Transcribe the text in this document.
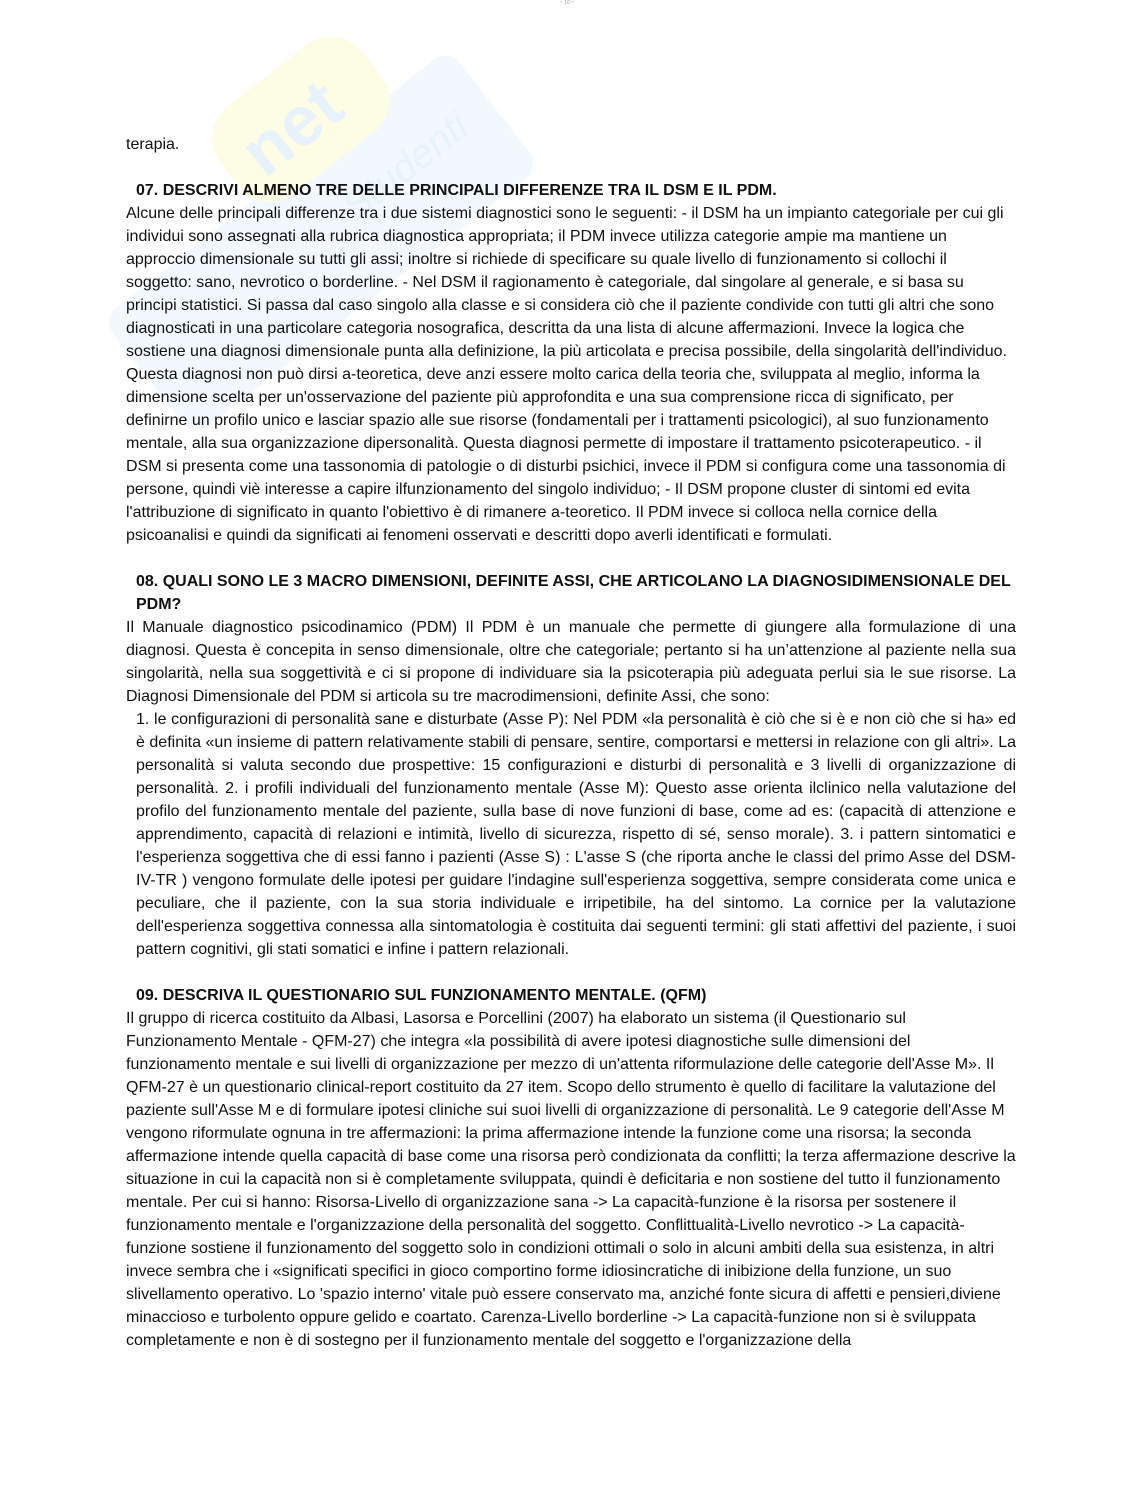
net
Studenti
~ 10 ~

terapia.

07. DESCRIVI ALMENO TRE DELLE PRINCIPALI DIFFERENZE TRA IL DSM E IL PDM.

Alcune delle principali differenze tra i due sistemi diagnostici sono le seguenti: - il DSM ha un impianto categoriale per cui gli individui sono assegnati alla rubrica diagnostica appropriata; il PDM invece utilizza categorie ampie ma mantiene un approccio dimensionale su tutti gli assi; inoltre si richiede di specificare su quale livello di funzionamento si collochi il soggetto: sano, nevrotico o borderline. - Nel DSM il ragionamento è categoriale, dal singolare al generale, e si basa su principi statistici. Si passa dal caso singolo alla classe e si considera ciò che il paziente condivide con tutti gli altri che sono diagnosticati in una particolare categoria nosografica, descritta da una lista di alcune affermazioni. Invece la logica che sostiene una diagnosi dimensionale punta alla definizione, la più articolata e precisa possibile, della singolarità dell'individuo. Questa diagnosi non può dirsi a-teoretica, deve anzi essere molto carica della teoria che, sviluppata al meglio, informa la dimensione scelta per un'osservazione del paziente più approfondita e una sua comprensione ricca di significato, per definirne un profilo unico e lasciar spazio alle sue risorse (fondamentali per i trattamenti psicologici), al suo funzionamento mentale, alla sua organizzazione dipersonalità. Questa diagnosi permette di impostare il trattamento psicoterapeutico. - il DSM si presenta come una tassonomia di patologie o di disturbi psichici, invece il PDM si configura come una tassonomia di persone, quindi viè interesse a capire ilfunzionamento del singolo individuo; - Il DSM propone cluster di sintomi ed evita l'attribuzione di significato in quanto l'obiettivo è di rimanere a-teoretico. Il PDM invece si colloca nella cornice della psicoanalisi e quindi da significati ai fenomeni osservati e descritti dopo averli identificati e formulati.

08. QUALI SONO LE 3 MACRO DIMENSIONI, DEFINITE ASSI, CHE ARTICOLANO LA DIAGNOSIDIMENSIONALE DEL PDM?

Il Manuale diagnostico psicodinamico (PDM) Il PDM è un manuale che permette di giungere alla formulazione di una diagnosi. Questa è concepita in senso dimensionale, oltre che categoriale; pertanto si ha un’attenzione al paziente nella sua singolarità, nella sua soggettività e ci si propone di individuare sia la psicoterapia più adeguata perlui sia le sue risorse. La Diagnosi Dimensionale del PDM si articola su tre macrodimensioni, definite Assi, che sono:

1. le configurazioni di personalità sane e disturbate (Asse P): Nel PDM «la personalità è ciò che si è e non ciò che si ha» ed è definita «un insieme di pattern relativamente stabili di pensare, sentire, comportarsi e mettersi in relazione con gli altri». La personalità si valuta secondo due prospettive: 15 configurazioni e disturbi di personalità e 3 livelli di organizzazione di personalità. 2. i profili individuali del funzionamento mentale (Asse M): Questo asse orienta ilclinico nella valutazione del profilo del funzionamento mentale del paziente, sulla base di nove funzioni di base, come ad es: (capacità di attenzione e apprendimento, capacità di relazioni e intimità, livello di sicurezza, rispetto di sé, senso morale). 3. i pattern sintomatici e l'esperienza soggettiva che di essi fanno i pazienti (Asse S) : L'asse S (che riporta anche le classi del primo Asse del DSM-IV-TR ) vengono formulate delle ipotesi per guidare l'indagine sull'esperienza soggettiva, sempre considerata come unica e peculiare, che il paziente, con la sua storia individuale e irripetibile, ha del sintomo. La cornice per la valutazione dell'esperienza soggettiva connessa alla sintomatologia è costituita dai seguenti termini: gli stati affettivi del paziente, i suoi pattern cognitivi, gli stati somatici e infine i pattern relazionali.

09. DESCRIVA IL QUESTIONARIO SUL FUNZIONAMENTO MENTALE. (QFM)

Il gruppo di ricerca costituito da Albasi, Lasorsa e Porcellini (2007) ha elaborato un sistema (il Questionario sul Funzionamento Mentale - QFM-27) che integra «la possibilità di avere ipotesi diagnostiche sulle dimensioni del funzionamento mentale e sui livelli di organizzazione per mezzo di un'attenta riformulazione delle categorie dell'Asse M». Il QFM-27 è un questionario clinical-report costituito da 27 item. Scopo dello strumento è quello di facilitare la valutazione del paziente sull'Asse M e di formulare ipotesi cliniche sui suoi livelli di organizzazione di personalità. Le 9 categorie dell'Asse M vengono riformulate ognuna in tre affermazioni: la prima affermazione intende la funzione come una risorsa; la seconda affermazione intende quella capacità di base come una risorsa però condizionata da conflitti; la terza affermazione descrive la situazione in cui la capacità non si è completamente sviluppata, quindi è deficitaria e non sostiene del tutto il funzionamento mentale. Per cui si hanno: Risorsa-Livello di organizzazione sana -> La capacità-funzione è la risorsa per sostenere il funzionamento mentale e l'organizzazione della personalità del soggetto. Conflittualità-Livello nevrotico -> La capacità-funzione sostiene il funzionamento del soggetto solo in condizioni ottimali o solo in alcuni ambiti della sua esistenza, in altri invece sembra che i «significati specifici in gioco comportino forme idiosincratiche di inibizione della funzione, un suo slivellamento operativo. Lo 'spazio interno' vitale può essere conservato ma, anziché fonte sicura di affetti e pensieri,diviene minaccioso e turbolento oppure gelido e coartato. Carenza-Livello borderline -> La capacità-funzione non si è sviluppata completamente e non è di sostegno per il funzionamento mentale del soggetto e l'organizzazione della
